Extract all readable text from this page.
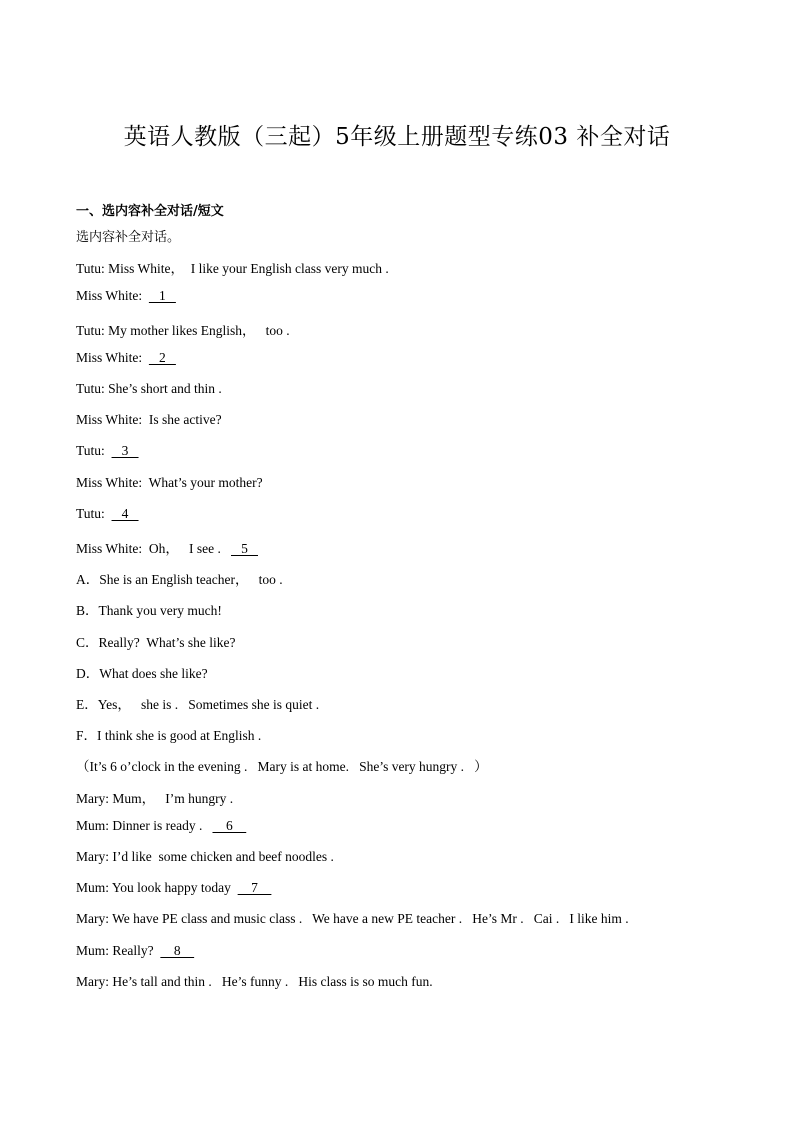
英语人教版（三起）5年级上册题型专练03 补全对话
一、选内容补全对话/短文
选内容补全对话。
Tutu: Miss White，  I like your English class very much .
Miss White:     1
Tutu: My mother likes English，   too .
Miss White:     2
Tutu: She’s short and thin .
Miss White:  Is she active?
Tutu:     3
Miss White:  What’s your mother?
Tutu:     4
Miss White:  Oh，   I see .      5
A．She is an English teacher，   too .
B．Thank you very much!
C．Really?  What’s she like?
D．What does she like?
E．Yes，   she is .   Sometimes she is quiet .
F．I think she is good at English .
（It’s 6 o’clock in the evening .   Mary is at home.   She’s very hungry .   ）
Mary: Mum，   I’m hungry .
Mum: Dinner is ready .       6
Mary: I’d like  some chicken and beef noodles .
Mum: You look happy today      7
Mary: We have PE class and music class .   We have a new PE teacher .   He’s Mr .   Cai .   I like him .
Mum: Really?      8
Mary: He’s tall and thin .   He’s funny .   His class is so much fun.
